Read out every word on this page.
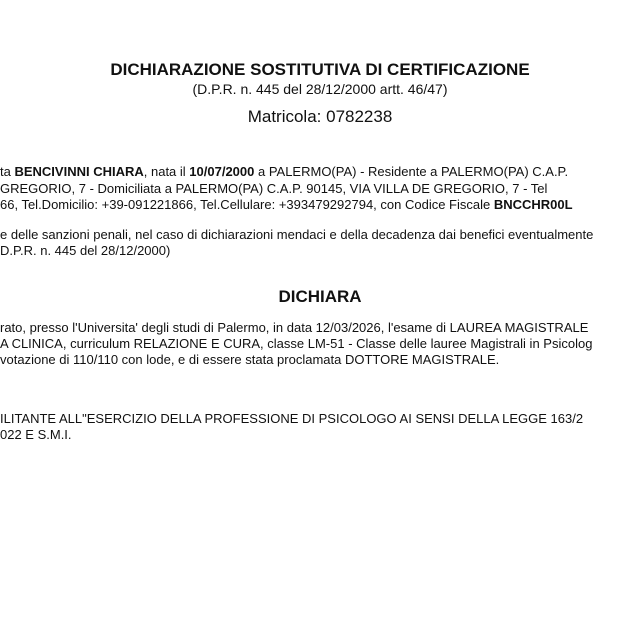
DICHIARAZIONE SOSTITUTIVA DI CERTIFICAZIONE
(D.P.R. n. 445 del 28/12/2000 artt. 46/47)
Matricola: 0782238
ta BENCIVINNI CHIARA, nata il 10/07/2000 a PALERMO(PA) - Residente a PALERMO(PA) C.A.P.
GREGORIO, 7 - Domiciliata a PALERMO(PA) C.A.P. 90145, VIA VILLA DE GREGORIO, 7 - Tel
66, Tel.Domicilio: +39-091221866, Tel.Cellulare: +393479292794, con Codice Fiscale BNCCHR00L
e delle sanzioni penali, nel caso di dichiarazioni mendaci e della decadenza dai benefici eventualmente
D.P.R. n. 445 del 28/12/2000)
DICHIARA
rato, presso l'Universita' degli studi di Palermo, in data 12/03/2026, l'esame di LAUREA MAGISTRALE
A CLINICA, curriculum RELAZIONE E CURA, classe LM-51 - Classe delle lauree Magistrali in Psicolog
votazione di 110/110 con lode, e di essere stata proclamata DOTTORE MAGISTRALE.
ILITANTE ALL"ESERCIZIO DELLA PROFESSIONE DI PSICOLOGO AI SENSI DELLA LEGGE 163/2
022 E S.M.I.
